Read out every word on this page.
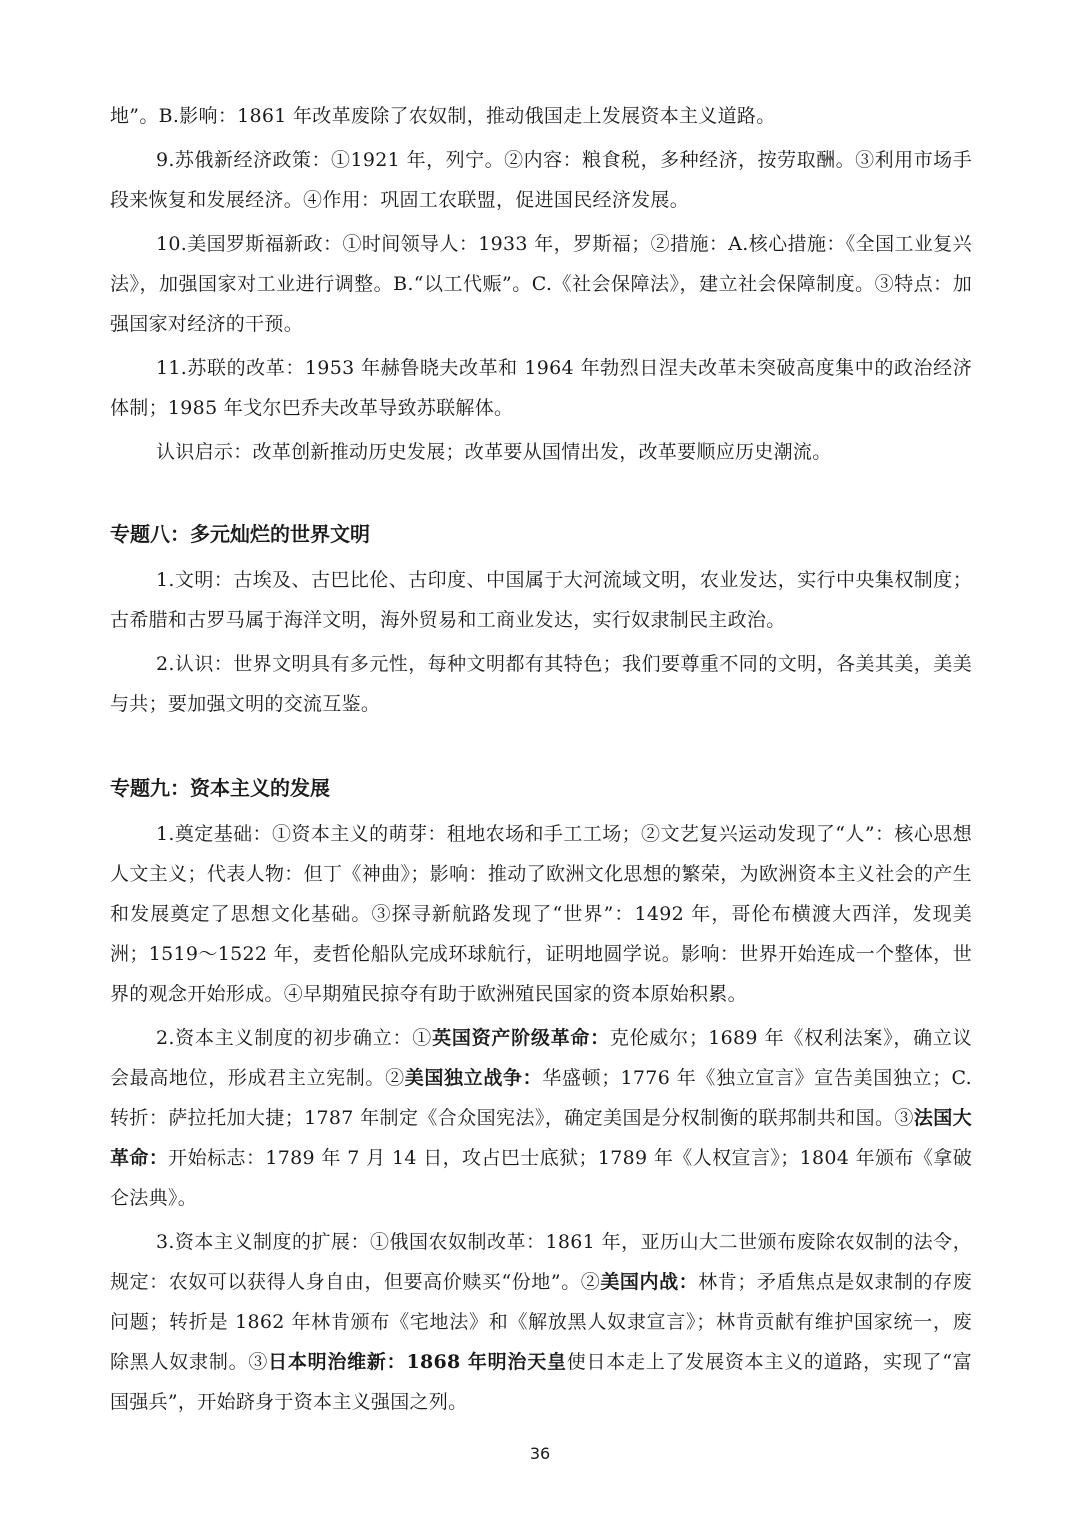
地”。B.影响：1861 年改革废除了农奴制，推动俄国走上发展资本主义道路。

9.苏俄新经济政策：①1921 年，列宁。②内容：粮食税，多种经济，按劳取酬。③利用市场手段来恢复和发展经济。④作用：巩固工农联盟，促进国民经济发展。

10.美国罗斯福新政：①时间领导人：1933 年，罗斯福；②措施：A.核心措施：《全国工业复兴法》，加强国家对工业进行调整。B.“以工代赈”。C.《社会保障法》，建立社会保障制度。③特点：加强国家对经济的干预。

11.苏联的改革：1953 年赫鲁晓夫改革和 1964 年勃烈日涅夫改革未突破高度集中的政治经济体制；1985 年戈尔巴乔夫改革导致苏联解体。

认识启示：改革创新推动历史发展；改革要从国情出发，改革要顺应历史潮流。

专题八：多元灿烂的世界文明

1.文明：古埃及、古巴比伦、古印度、中国属于大河流域文明，农业发达，实行中央集权制度；古希腊和古罗马属于海洋文明，海外贸易和工商业发达，实行奴隶制民主政治。

2.认识：世界文明具有多元性，每种文明都有其特色；我们要尊重不同的文明，各美其美，美美与共；要加强文明的交流互鉴。

专题九：资本主义的发展

1.奠定基础：①资本主义的萌芽：租地农场和手工工场；②文艺复兴运动发现了“人”：核心思想人文主义；代表人物：但丁《神曲》；影响：推动了欧洲文化思想的繁荣，为欧洲资本主义社会的产生和发展奠定了思想文化基础。③探寻新航路发现了“世界”：1492 年，哥伦布横渡大西洋，发现美洲；1519～1522 年，麦哲伦船队完成环球航行，证明地圆学说。影响：世界开始连成一个整体，世界的观念开始形成。④早期殖民掠夺有助于欧洲殖民国家的资本原始积累。

2.资本主义制度的初步确立：①英国资产阶级革命：克伦威尔；1689 年《权利法案》，确立议会最高地位，形成君主立宪制。②美国独立战争：华盛顿；1776 年《独立宣言》宣告美国独立；C.转折：萨拉托加大捷；1787 年制定《合众国宪法》，确定美国是分权制衡的联邦制共和国。③法国大革命：开始标志：1789 年 7 月 14 日，攻占巴士底狱；1789 年《人权宣言》；1804 年颁布《拿破仑法典》。

3.资本主义制度的扩展：①俄国农奴制改革：1861 年，亚历山大二世颁布废除农奴制的法令，规定：农奴可以获得人身自由，但要高价赎买“份地”。②美国内战：林肯；矛盾焦点是奴隶制的存废问题；转折是 1862 年林肯颁布《宅地法》和《解放黑人奴隶宣言》；林肯贡献有维护国家统一，废除黑人奴隶制。③日本明治维新：1868 年明治天皇使日本走上了发展资本主义的道路，实现了“富国强兵”，开始跻身于资本主义强国之列。

36
